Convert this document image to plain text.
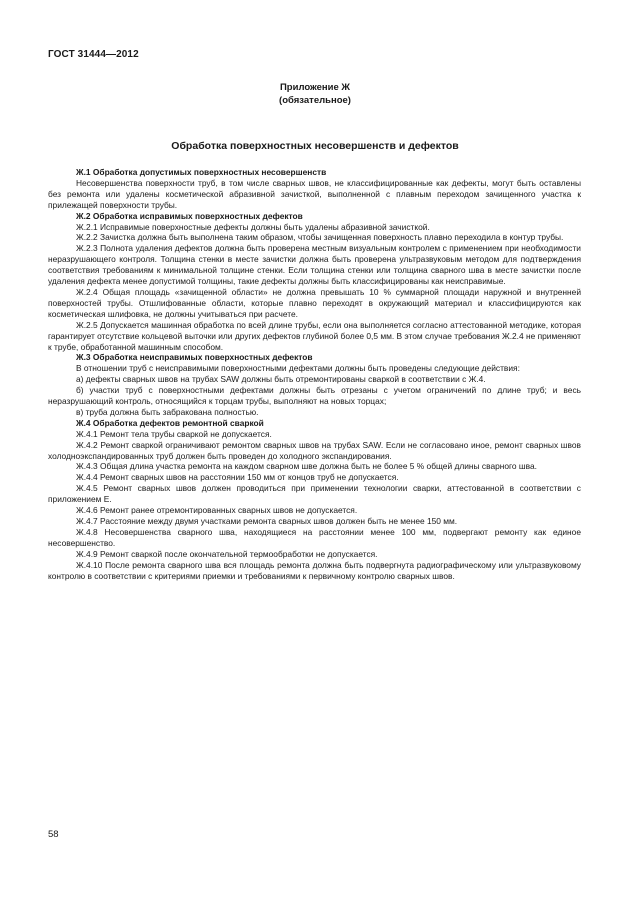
ГОСТ 31444—2012
Приложение Ж
(обязательное)
Обработка поверхностных несовершенств и дефектов

Ж.1 Обработка допустимых поверхностных несовершенств

Несовершенства поверхности труб, в том числе сварных швов, не классифицированные как дефекты, могут быть оставлены без ремонта или удалены косметической абразивной зачисткой, выполненной с плавным переходом зачищенного участка к прилежащей поверхности трубы.

Ж.2 Обработка исправимых поверхностных дефектов

Ж.2.1 Исправимые поверхностные дефекты должны быть удалены абразивной зачисткой.

Ж.2.2 Зачистка должна быть выполнена таким образом, чтобы зачищенная поверхность плавно переходила в контур трубы.

Ж.2.3 Полнота удаления дефектов должна быть проверена местным визуальным контролем с применением при необходимости неразрушающего контроля. Толщина стенки в месте зачистки должна быть проверена ультразвуковым методом для подтверждения соответствия требованиям к минимальной толщине стенки. Если толщина стенки или толщина сварного шва в месте зачистки после удаления дефекта менее допустимой толщины, такие дефекты должны быть классифицированы как неисправимые.

Ж.2.4 Общая площадь «зачищенной области» не должна превышать 10 % суммарной площади наружной и внутренней поверхностей трубы. Отшлифованные области, которые плавно переходят в окружающий материал и классифицируются как косметическая шлифовка, не должны учитываться при расчете.

Ж.2.5 Допускается машинная обработка по всей длине трубы, если она выполняется согласно аттестованной методике, которая гарантирует отсутствие кольцевой выточки или других дефектов глубиной более 0,5 мм. В этом случае требования Ж.2.4 не применяют к трубе, обработанной машинным способом.

Ж.3 Обработка неисправимых поверхностных дефектов

В отношении труб с неисправимыми поверхностными дефектами должны быть проведены следующие действия:

а) дефекты сварных швов на трубах SAW должны быть отремонтированы сваркой в соответствии с Ж.4.

б) участки труб с поверхностными дефектами должны быть отрезаны с учетом ограничений по длине труб; и весь неразрушающий контроль, относящийся к торцам трубы, выполняют на новых торцах;

в) труба должна быть забракована полностью.

Ж.4 Обработка дефектов ремонтной сваркой

Ж.4.1 Ремонт тела трубы сваркой не допускается.

Ж.4.2 Ремонт сваркой ограничивают ремонтом сварных швов на трубах SAW. Если не согласовано иное, ремонт сварных швов холодноэкспандированных труб должен быть проведен до холодного экспандирования.

Ж.4.3 Общая длина участка ремонта на каждом сварном шве должна быть не более 5 % общей длины сварного шва.

Ж.4.4 Ремонт сварных швов на расстоянии 150 мм от концов труб не допускается.

Ж.4.5 Ремонт сварных швов должен проводиться при применении технологии сварки, аттестованной в соответствии с приложением Е.

Ж.4.6 Ремонт ранее отремонтированных сварных швов не допускается.

Ж.4.7 Расстояние между двумя участками ремонта сварных швов должен быть не менее 150 мм.

Ж.4.8 Несовершенства сварного шва, находящиеся на расстоянии менее 100 мм, подвергают ремонту как единое несовершенство.

Ж.4.9 Ремонт сваркой после окончательной термообработки не допускается.

Ж.4.10 После ремонта сварного шва вся площадь ремонта должна быть подвергнута радиографическому или ультразвуковому контролю в соответствии с критериями приемки и требованиями к первичному контролю сварных швов.

58
